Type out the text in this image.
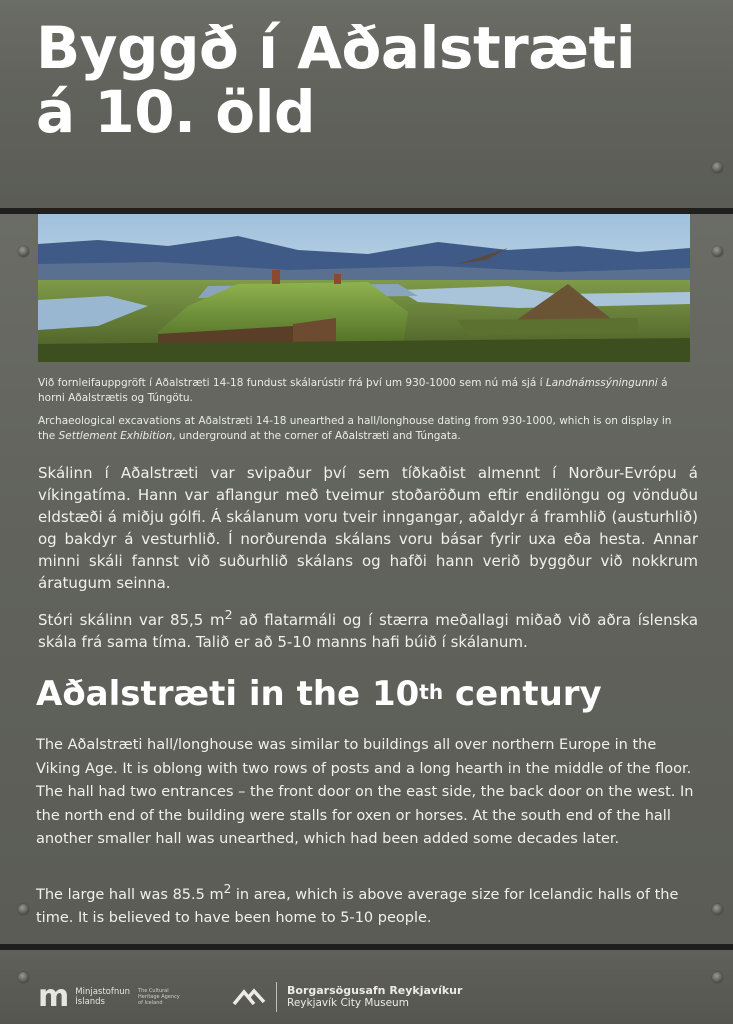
Byggð í Aðalstræti
á 10. öld
Við fornleifauppgröft í Aðalstræti 14-18 fundust skálarústir frá því um 930-1000 sem nú má sjá í Landnámssýningunni á horni Aðalstrætis og Túngötu.
Archaeological excavations at Aðalstræti 14-18 unearthed a hall/longhouse dating from 930-1000, which is on display in the Settlement Exhibition, underground at the corner of Aðalstræti and Túngata.

Skálinn í Aðalstræti var svipaður því sem tíðkaðist almennt í Norður-Evrópu á víkingatíma. Hann var aflangur með tveimur stoðaröðum eftir endilöngu og vönduðu eldstæði á miðju gólfi. Á skálanum voru tveir inngangar, aðaldyr á framhlið (austurhlið) og bakdyr á vesturhlið. Í norðurenda skálans voru básar fyrir uxa eða hesta. Annar minni skáli fannst við suðurhlið skálans og hafði hann verið byggður við nokkrum áratugum seinna.

Stóri skálinn var 85,5 $m^2$ að flatarmáli og í stærra meðallagi miðað við aðra íslenska skála frá sama tíma. Talið er að 5-10 manns hafi búið í skálanum.

Aðalstræti in the 10th century

The Aðalstræti hall/longhouse was similar to buildings all over northern Europe in the Viking Age. It is oblong with two rows of posts and a long hearth in the middle of the floor. The hall had two entrances – the front door on the east side, the back door on the west. In the north end of the building were stalls for oxen or horses. At the south end of the hall another smaller hall was unearthed, which had been added some decades later.

The large hall was 85.5 $m^2$ in area, which is above average size for Icelandic halls of the time. It is believed to have been home to 5-10 people.

m Minjastofnun
Íslands
The Cultural Heritage Agency of Iceland
Borgarsögusafn Reykjavíkur
Reykjavík City Museum
